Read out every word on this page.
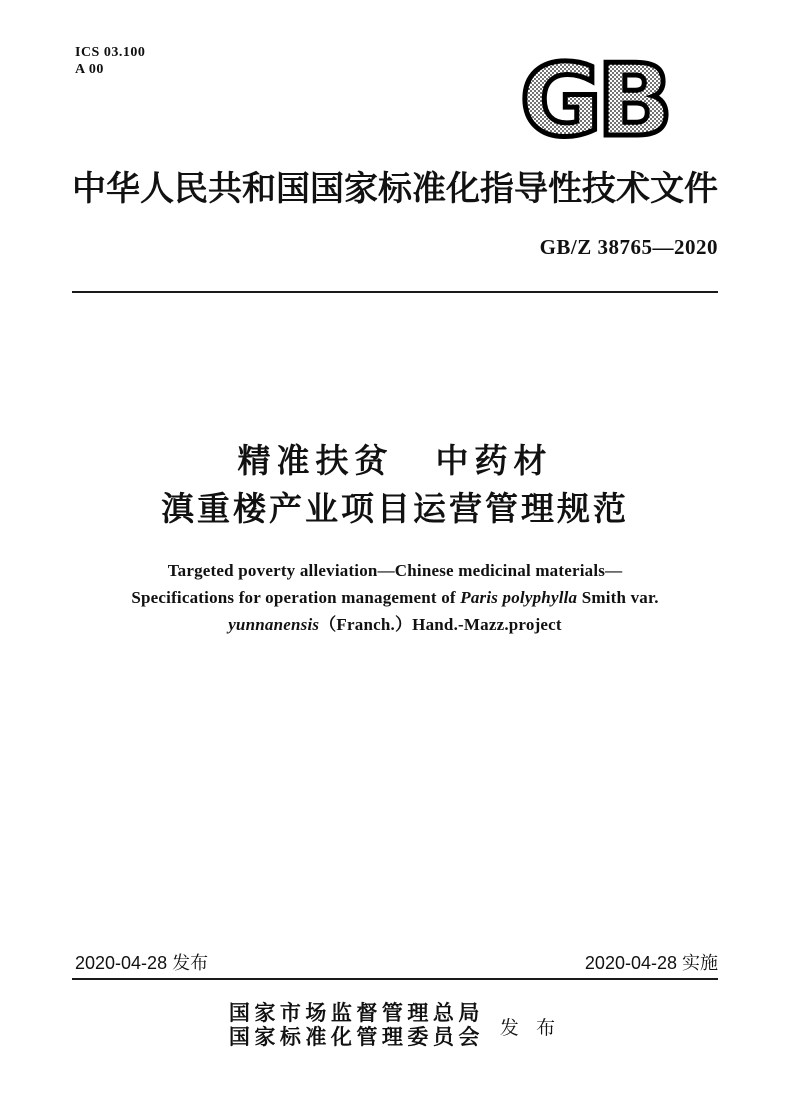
ICS 03.100
A 00	GB
中华人民共和国国家标准化指导性技术文件
GB/Z 38765—2020
精准扶贫 中药材
滇重楼产业项目运营管理规范
Targeted poverty alleviation—Chinese medicinal materials—
Specifications for operation management of Paris polyphylla Smith var.
yunnanensis（Franch.）Hand.-Mazz.project
2020-04-28 发布	2020-04-28 实施
国家市场监督管理总局
国家标准化管理委员会 发 布
